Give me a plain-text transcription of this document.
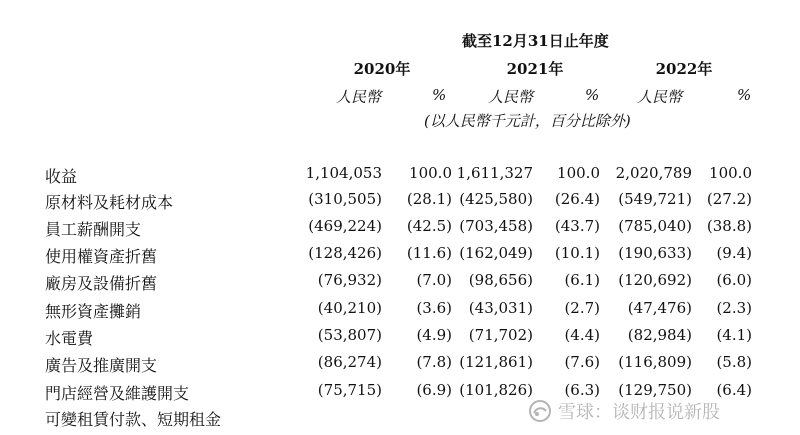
截至12月31日止年度
2020年	2021年	2022年
人民幣	%	人民幣	%	人民幣	%
(以人民幣千元計，百分比除外)
收益	1,104,053 100.0 1,611,327 100.0 2,020,789 100.0
原材料及耗材成本	(310,505) (28.1) (425,580) (26.4) (549,721) (27.2)
員工薪酬開支	(469,224) (42.5) (703,458) (43.7) (785,040) (38.8)
使用權資產折舊	(128,426) (11.6) (162,049) (10.1) (190,633) (9.4)
廠房及設備折舊	(76,932) (7.0) (98,656) (6.1) (120,692) (6.0)
無形資產攤銷	(40,210) (3.6) (43,031) (2.7) (47,476) (2.3)
水電費	(53,807) (4.9) (71,702) (4.4) (82,984) (4.1)
廣告及推廣開支	(86,274) (7.8) (121,861) (7.6) (116,809) (5.8)
門店經營及維護開支	(75,715) (6.9) (101,826) (6.3) (129,750) (6.4)
可變租賃付款、短期租金	雪球：谈财报说新股
